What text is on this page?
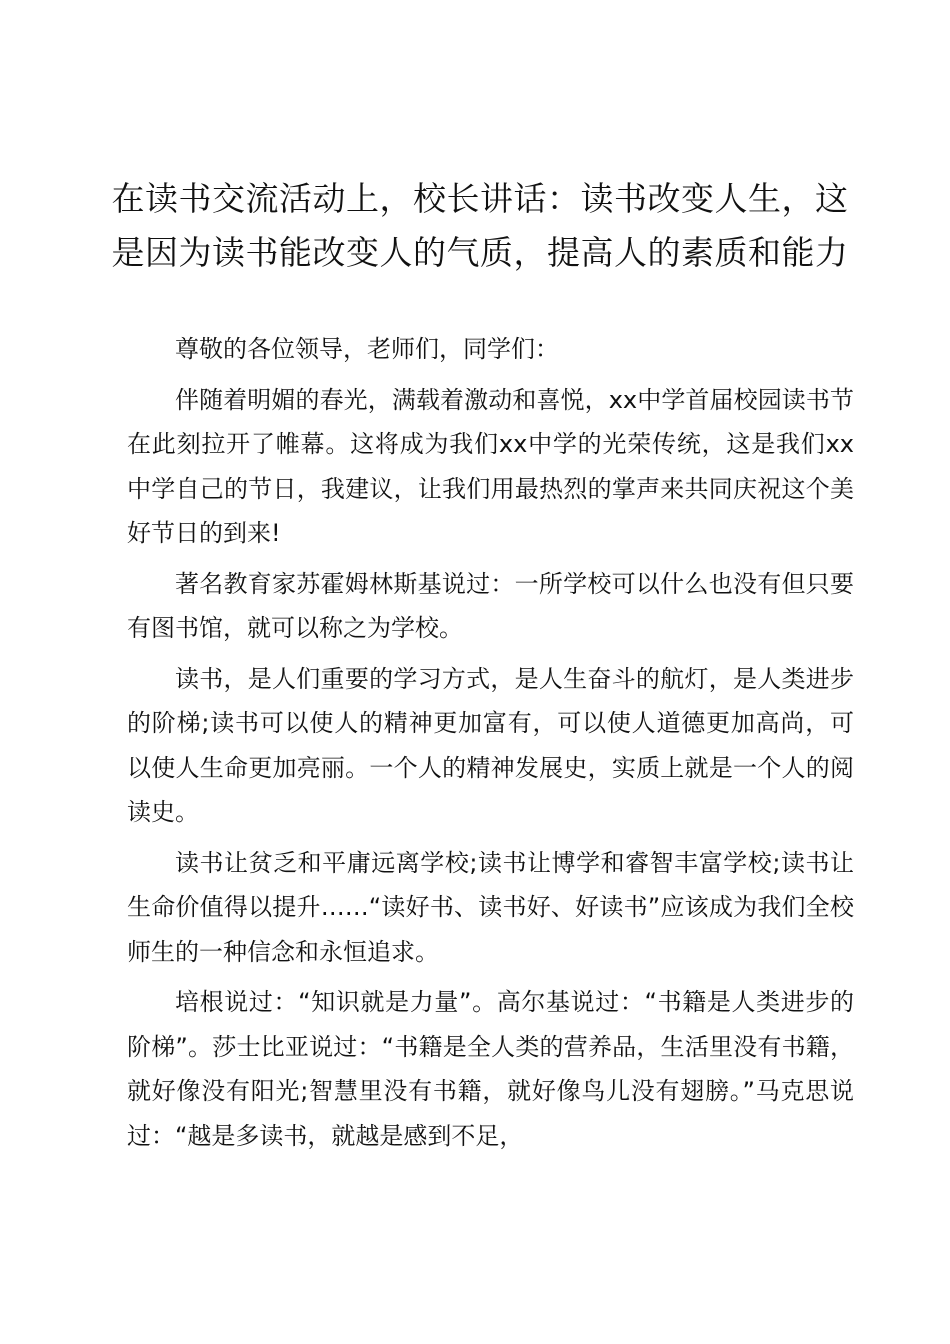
在读书交流活动上，校长讲话：读书改变人生，这是因为读书能改变人的气质，提高人的素质和能力

尊敬的各位领导，老师们，同学们：

伴随着明媚的春光，满载着激动和喜悦，xx中学首届校园读书节在此刻拉开了帷幕。这将成为我们xx中学的光荣传统，这是我们xx中学自己的节日，我建议，让我们用最热烈的掌声来共同庆祝这个美好节日的到来!

著名教育家苏霍姆林斯基说过：一所学校可以什么也没有但只要有图书馆，就可以称之为学校。

读书，是人们重要的学习方式，是人生奋斗的航灯，是人类进步的阶梯;读书可以使人的精神更加富有，可以使人道德更加高尚，可以使人生命更加亮丽。一个人的精神发展史，实质上就是一个人的阅读史。

读书让贫乏和平庸远离学校;读书让博学和睿智丰富学校;读书让生命价值得以提升……“读好书、读书好、好读书”应该成为我们全校师生的一种信念和永恒追求。

培根说过：“知识就是力量”。高尔基说过：“书籍是人类进步的阶梯”。莎士比亚说过：“书籍是全人类的营养品，生活里没有书籍，就好像没有阳光;智慧里没有书籍，就好像鸟儿没有翅膀。”马克思说过：“越是多读书，就越是感到不足，
